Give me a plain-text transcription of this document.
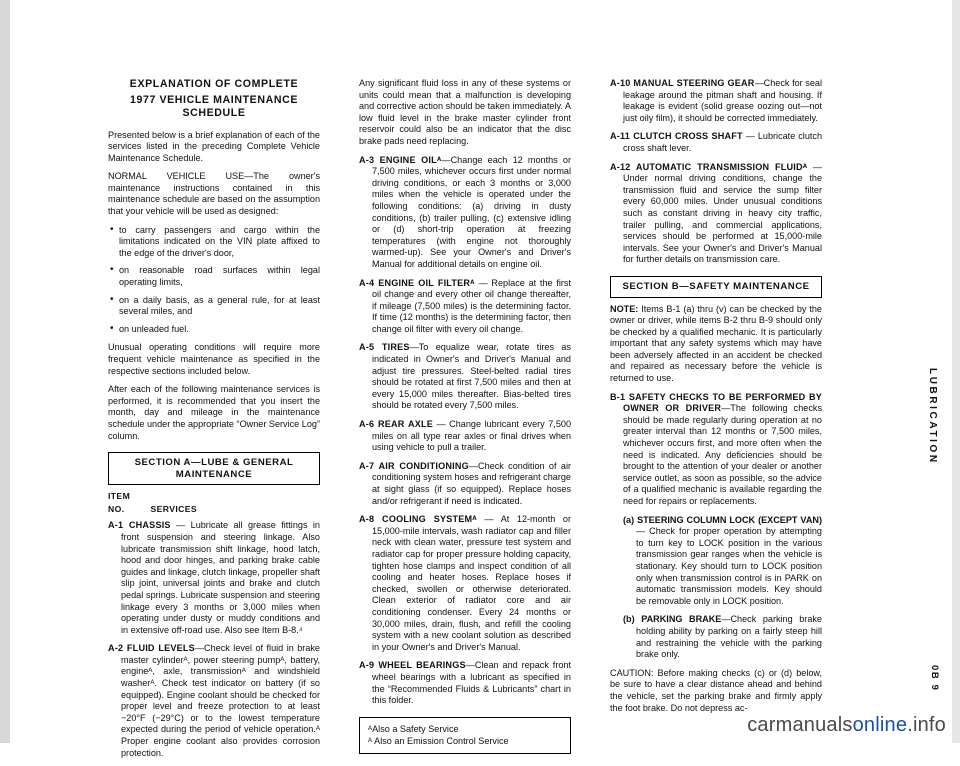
EXPLANATION OF COMPLETE
1977 VEHICLE MAINTENANCE SCHEDULE

Presented below is a brief explanation of each of the services listed in the preceding Complete Vehicle Maintenance Schedule.

NORMAL VEHICLE USE—The owner's maintenance instructions contained in this maintenance schedule are based on the assumption that your vehicle will be used as designed:

• to carry passengers and cargo within the limitations indicated on the VIN plate affixed to the edge of the driver's door,
• on reasonable road surfaces within legal operating limits,
• on a daily basis, as a general rule, for at least several miles, and
• on unleaded fuel.

Unusual operating conditions will require more frequent vehicle maintenance as specified in the respective sections included below.

After each of the following maintenance services is performed, it is recommended that you insert the month, day and mileage in the maintenance schedule under the appropriate “Owner Service Log” column.

SECTION A—LUBE & GENERAL MAINTENANCE
ITEM
NO.	SERVICES

A-1 CHASSIS — Lubricate all grease fittings in front suspension and steering linkage. Also lubricate transmission shift linkage, hood latch, hood and door hinges, and parking brake cable guides and linkage, clutch linkage, propeller shaft slip joint, universal joints and brake and clutch pedal springs. Lubricate suspension and steering linkage every 3 months or 3,000 miles when operating under dusty or muddy conditions and in extensive off-road use. Also see Item B-8.⁴

A-2 FLUID LEVELS—Check level of fluid in brake master cylinderᴬ, power steering pumpᴬ, battery, engineᴬ, axle, transmissionᴬ and windshield washerᴬ. Check test indicator on battery (if so equipped). Engine coolant should be checked for proper level and freeze protection to at least −20°F (−29°C) or to the lowest temperature expected during the period of vehicle operation.ᴬ Proper engine coolant also provides corrosion protection.

Any significant fluid loss in any of these systems or units could mean that a malfunction is developing and corrective action should be taken immediately. A low fluid level in the brake master cylinder front reservoir could also be an indicator that the disc brake pads need replacing.

A-3 ENGINE OILᴬ—Change each 12 months or 7,500 miles, whichever occurs first under normal driving conditions, or each 3 months or 3,000 miles when the vehicle is operated under the following conditions: (a) driving in dusty conditions, (b) trailer pulling, (c) extensive idling or (d) short-trip operation at freezing temperatures (with engine not thoroughly warmed-up). See your Owner's and Driver's Manual for additional details on engine oil.

A-4 ENGINE OIL FILTERᴬ — Replace at the first oil change and every other oil change thereafter, if mileage (7,500 miles) is the determining factor. If time (12 months) is the determining factor, then change oil filter with every oil change.

A-5 TIRES—To equalize wear, rotate tires as indicated in Owner's and Driver's Manual and adjust tire pressures. Steel-belted radial tires should be rotated at first 7,500 miles and then at every 15,000 miles thereafter. Bias-belted tires should be rotated every 7,500 miles.

A-6 REAR AXLE — Change lubricant every 7,500 miles on all type rear axles or final drives when using vehicle to pull a trailer.

A-7 AIR CONDITIONING—Check condition of air conditioning system hoses and refrigerant charge at sight glass (if so equipped). Replace hoses and/or refrigerant if need is indicated.

A-8 COOLING SYSTEMᴬ — At 12-month or 15,000-mile intervals, wash radiator cap and filler neck with clean water, pressure test system and radiator cap for proper pressure holding capacity, tighten hose clamps and inspect condition of all cooling and heater hoses. Replace hoses if checked, swollen or otherwise deteriorated. Clean exterior of radiator core and air conditioning condenser. Every 24 months or 30,000 miles, drain, flush, and refill the cooling system with a new coolant solution as described in your Owner's and Driver's Manual.

A-9 WHEEL BEARINGS—Clean and repack front wheel bearings with a lubricant as specified in the “Recommended Fluids & Lubricants” chart in this folder.

ᴬAlso a Safety Service
ᴬ Also an Emission Control Service

A-10 MANUAL STEERING GEAR—Check for seal leakage around the pitman shaft and housing. If leakage is evident (solid grease oozing out—not just oily film), it should be corrected immediately.

A-11 CLUTCH CROSS SHAFT — Lubricate clutch cross shaft lever.

A-12 AUTOMATIC TRANSMISSION FLUIDᴬ — Under normal driving conditions, change the transmission fluid and service the sump filter every 60,000 miles. Under unusual conditions such as constant driving in heavy city traffic, trailer pulling, and commercial applications, services should be performed at 15,000-mile intervals. See your Owner's and Driver's Manual for further details on transmission care.

SECTION B—SAFETY MAINTENANCE

NOTE: Items B-1 (a) thru (v) can be checked by the owner or driver, while items B-2 thru B-9 should only be checked by a qualified mechanic. It is particularly important that any safety systems which may have been adversely affected in an accident be checked and repaired as necessary before the vehicle is returned to use.

B-1 SAFETY CHECKS TO BE PERFORMED BY OWNER OR DRIVER—The following checks should be made regularly during operation at no greater interval than 12 months or 7,500 miles, whichever occurs first, and more often when the need is indicated. Any deficiencies should be brought to the attention of your dealer or another service outlet, as soon as possible, so the advice of a qualified mechanic is available regarding the need for repairs or replacements.

(a) STEERING COLUMN LOCK (EXCEPT VAN) — Check for proper operation by attempting to turn key to LOCK position in the various transmission gear ranges when the vehicle is stationary. Key should turn to LOCK position only when transmission control is in PARK on automatic transmission models. Key should be removable only in LOCK position.

(b) PARKING BRAKE—Check parking brake holding ability by parking on a fairly steep hill and restraining the vehicle with the parking brake only.

CAUTION: Before making checks (c) or (d) below, be sure to have a clear distance ahead and behind the vehicle, set the parking brake and firmly apply the foot brake. Do not depress ac-

LUBRICATION
0B 9
carmanualsonline.info
